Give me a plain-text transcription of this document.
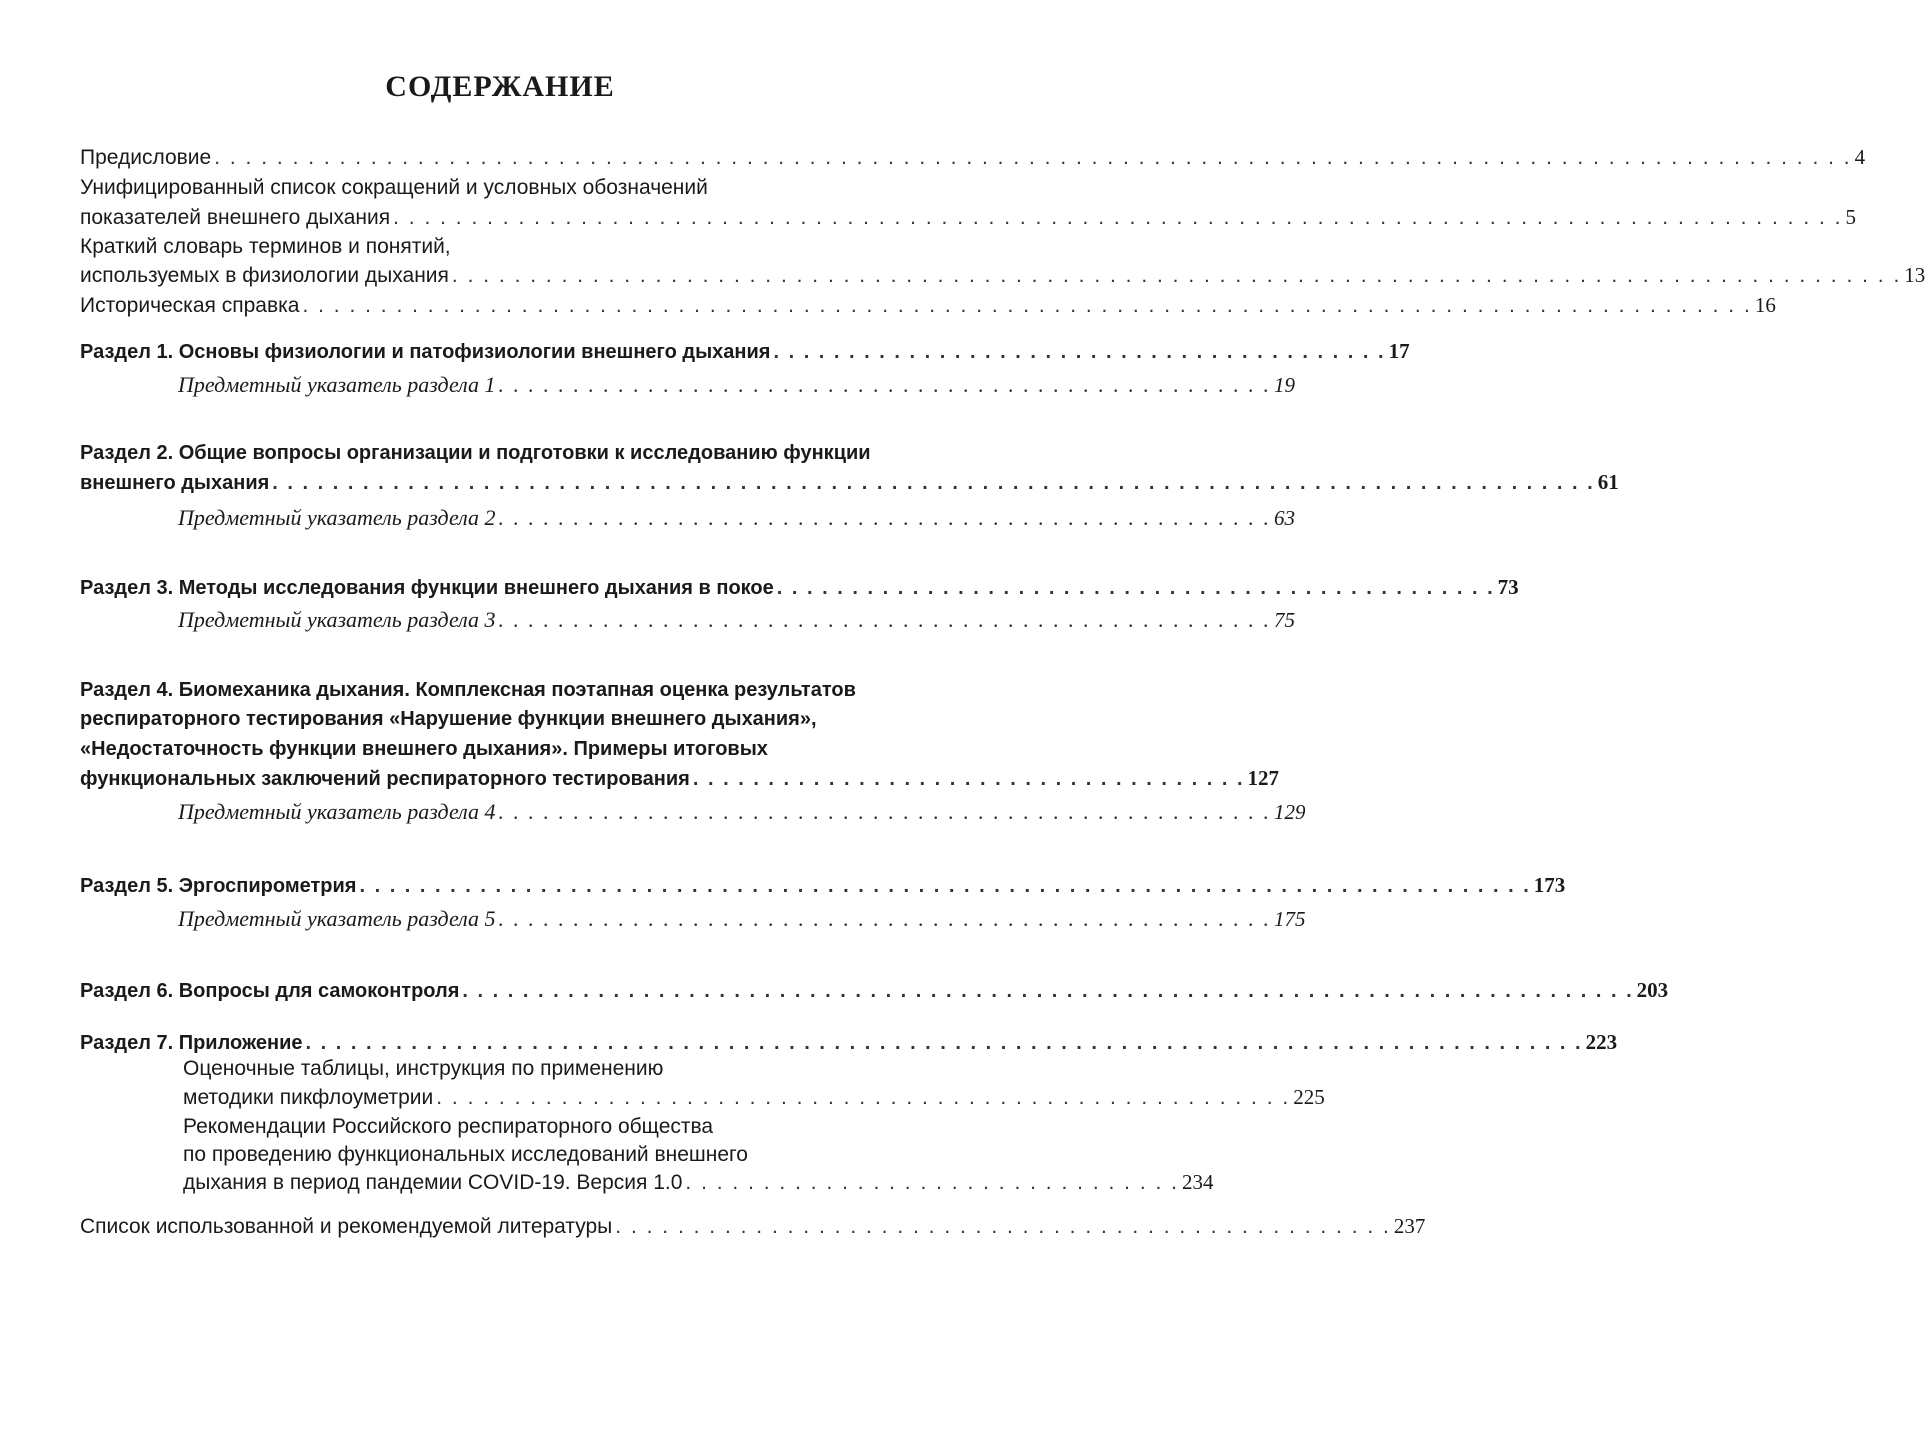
СОДЕРЖАНИЕ
Предисловие . . . . . . . . . . . . . . . . . . . . . . . . . . . . . . . . . . . . . . . . . . . . . . . . . . . . . . . . . . . . . . . . . . . . . . . . . . . . . . . . . . . . . . . . . . . . . . . . . . . . . . . . . 4
Унифицированный список сокращений и условных обозначений
показателей внешнего дыхания . . . . . . . . . . . . . . . . . . . . . . . . . . . . . . . . . . . . . . . . . . . . . . . . . . . . . . . . . . . . . . . . . . . . . . . . . . . . . . . . . . . . . . . . . . . . . 5
Краткий словарь терминов и понятий,
используемых в физиологии дыхания . . . . . . . . . . . . . . . . . . . . . . . . . . . . . . . . . . . . . . . . . . . . . . . . . . . . . . . . . . . . . . . . . . . . . . . . . . . . . . . . . . . . . . . . . . . . . 13
Историческая справка . . . . . . . . . . . . . . . . . . . . . . . . . . . . . . . . . . . . . . . . . . . . . . . . . . . . . . . . . . . . . . . . . . . . . . . . . . . . . . . . . . . . . . . . . . . . . 16
Раздел 1. Основы физиологии и патофизиологии внешнего дыхания . . . . . . . . . . . . . . . . . . . . . . . . . . . . . . . . . . . . . . . . . 17
Предметный указатель раздела 1 . . . . . . . . . . . . . . . . . . . . . . . . . . . . . . . . . . . . . . . . . . . . . . . . . . . . 19
Раздел 2. Общие вопросы организации и подготовки к исследованию функции
внешнего дыхания . . . . . . . . . . . . . . . . . . . . . . . . . . . . . . . . . . . . . . . . . . . . . . . . . . . . . . . . . . . . . . . . . . . . . . . . . . . . . . . . . . . . . . . . 61
Предметный указатель раздела 2 . . . . . . . . . . . . . . . . . . . . . . . . . . . . . . . . . . . . . . . . . . . . . . . . . . . . 63
Раздел 3. Методы исследования функции внешнего дыхания в покое . . . . . . . . . . . . . . . . . . . . . . . . . . . . . . . . . . . . . . . . . . . . . . . . 73
Предметный указатель раздела 3 . . . . . . . . . . . . . . . . . . . . . . . . . . . . . . . . . . . . . . . . . . . . . . . . . . . . 75
Раздел 4. Биомеханика дыхания. Комплексная поэтапная оценка результатов
респираторного тестирования «Нарушение функции внешнего дыхания»,
«Недостаточность функции внешнего дыхания». Примеры итоговых
функциональных заключений респираторного тестирования . . . . . . . . . . . . . . . . . . . . . . . . . . . . . . . . . . . . . 127
Предметный указатель раздела 4 . . . . . . . . . . . . . . . . . . . . . . . . . . . . . . . . . . . . . . . . . . . . . . . . . . . . 129
Раздел 5. Эргоспирометрия . . . . . . . . . . . . . . . . . . . . . . . . . . . . . . . . . . . . . . . . . . . . . . . . . . . . . . . . . . . . . . . . . . . . . . . . . . . . . . 173
Предметный указатель раздела 5 . . . . . . . . . . . . . . . . . . . . . . . . . . . . . . . . . . . . . . . . . . . . . . . . . . . . 175
Раздел 6. Вопросы для самоконтроля . . . . . . . . . . . . . . . . . . . . . . . . . . . . . . . . . . . . . . . . . . . . . . . . . . . . . . . . . . . . . . . . . . . . . . . . . . . . . . 203
Раздел 7. Приложение . . . . . . . . . . . . . . . . . . . . . . . . . . . . . . . . . . . . . . . . . . . . . . . . . . . . . . . . . . . . . . . . . . . . . . . . . . . . . . . . . . . . . 223
Оценочные таблицы, инструкция по применению
методики пикфлоуметрии . . . . . . . . . . . . . . . . . . . . . . . . . . . . . . . . . . . . . . . . . . . . . . . . . . . . . . . 225
Рекомендации Российского респираторного общества
по проведению функциональных исследований внешнего
дыхания в период пандемии COVID-19. Версия 1.0 . . . . . . . . . . . . . . . . . . . . . . . . . . . . . . . . 234
Список использованной и рекомендуемой литературы . . . . . . . . . . . . . . . . . . . . . . . . . . . . . . . . . . . . . . . . . . . . . . . . . . 237
